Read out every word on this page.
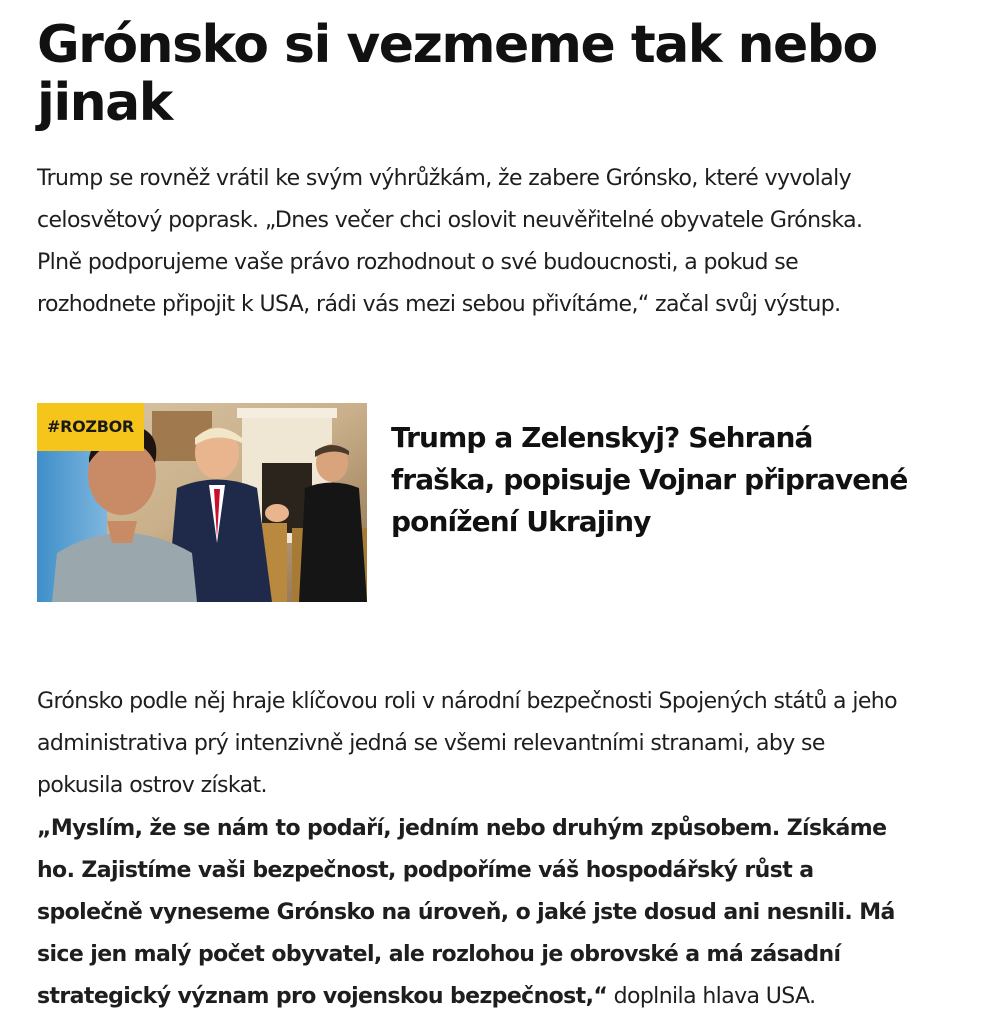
Grónsko si vezmeme tak nebo jinak

Trump se rovněž vrátil ke svým výhrůžkám, že zabere Grónsko, které vyvolaly celosvětový poprask. „Dnes večer chci oslovit neuvěřitelné obyvatele Grónska. Plně podporujeme vaše právo rozhodnout o své budoucnosti, a pokud se rozhodnete připojit k USA, rádi vás mezi sebou přivítáme,“ začal svůj výstup.

#ROZBOR	Trump a Zelenskyj? Sehraná fraška, popisuje Vojnar připravené ponížení Ukrajiny

Grónsko podle něj hraje klíčovou roli v národní bezpečnosti Spojených států a jeho administrativa prý intenzivně jedná se všemi relevantními stranami, aby se pokusila ostrov získat.

„Myslím, že se nám to podaří, jedním nebo druhým způsobem. Získáme ho. Zajistíme vaši bezpečnost, podpoříme váš hospodářský růst a společně vyneseme Grónsko na úroveň, o jaké jste dosud ani nesnili. Má sice jen malý počet obyvatel, ale rozlohou je obrovské a má zásadní strategický význam pro vojenskou bezpečnost,“ doplnila hlava USA.
